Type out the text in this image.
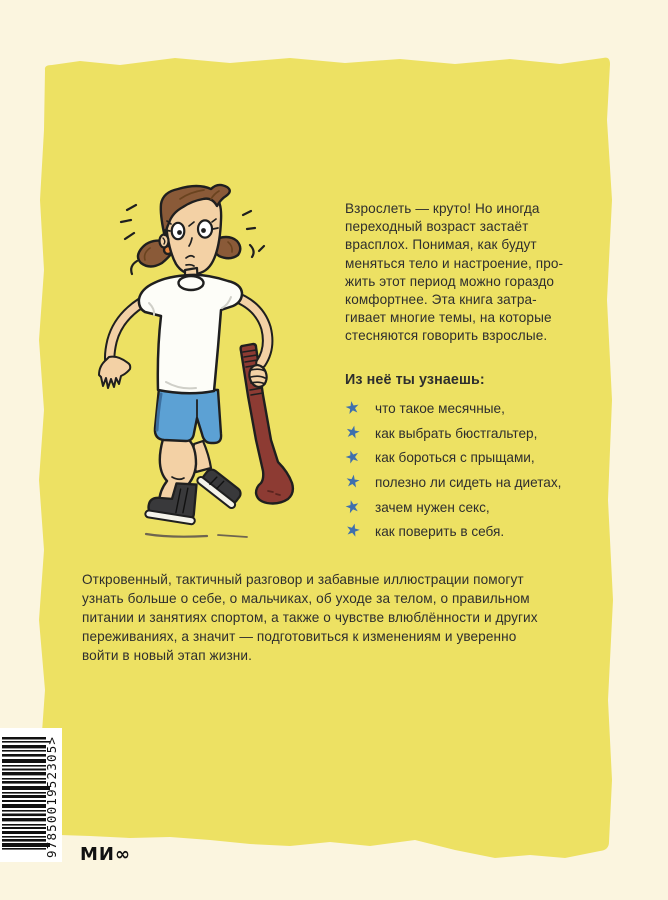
Взрослеть — круто! Но иногда
переходный возраст застаёт
врасплох. Понимая, как будут
меняться тело и настроение, про-
жить этот период можно гораздо
комфортнее. Эта книга затра-
гивает многие темы, на которые
стесняются говорить взрослые.
Из неё ты узнаешь:
★ что такое месячные,
★ как выбрать бюстгальтер,
★ как бороться с прыщами,
★ полезно ли сидеть на диетах,
★ зачем нужен секс,
★ как поверить в себя.
Откровенный, тактичный разговор и забавные иллюстрации помогут
узнать больше о себе, о мальчиках, об уходе за телом, о правильном
питании и занятиях спортом, а также о чувстве влюблённости и других
переживаниях, а значит — подготовиться к изменениям и уверенно
войти в новый этап жизни.
9785001952305> МИ∞
